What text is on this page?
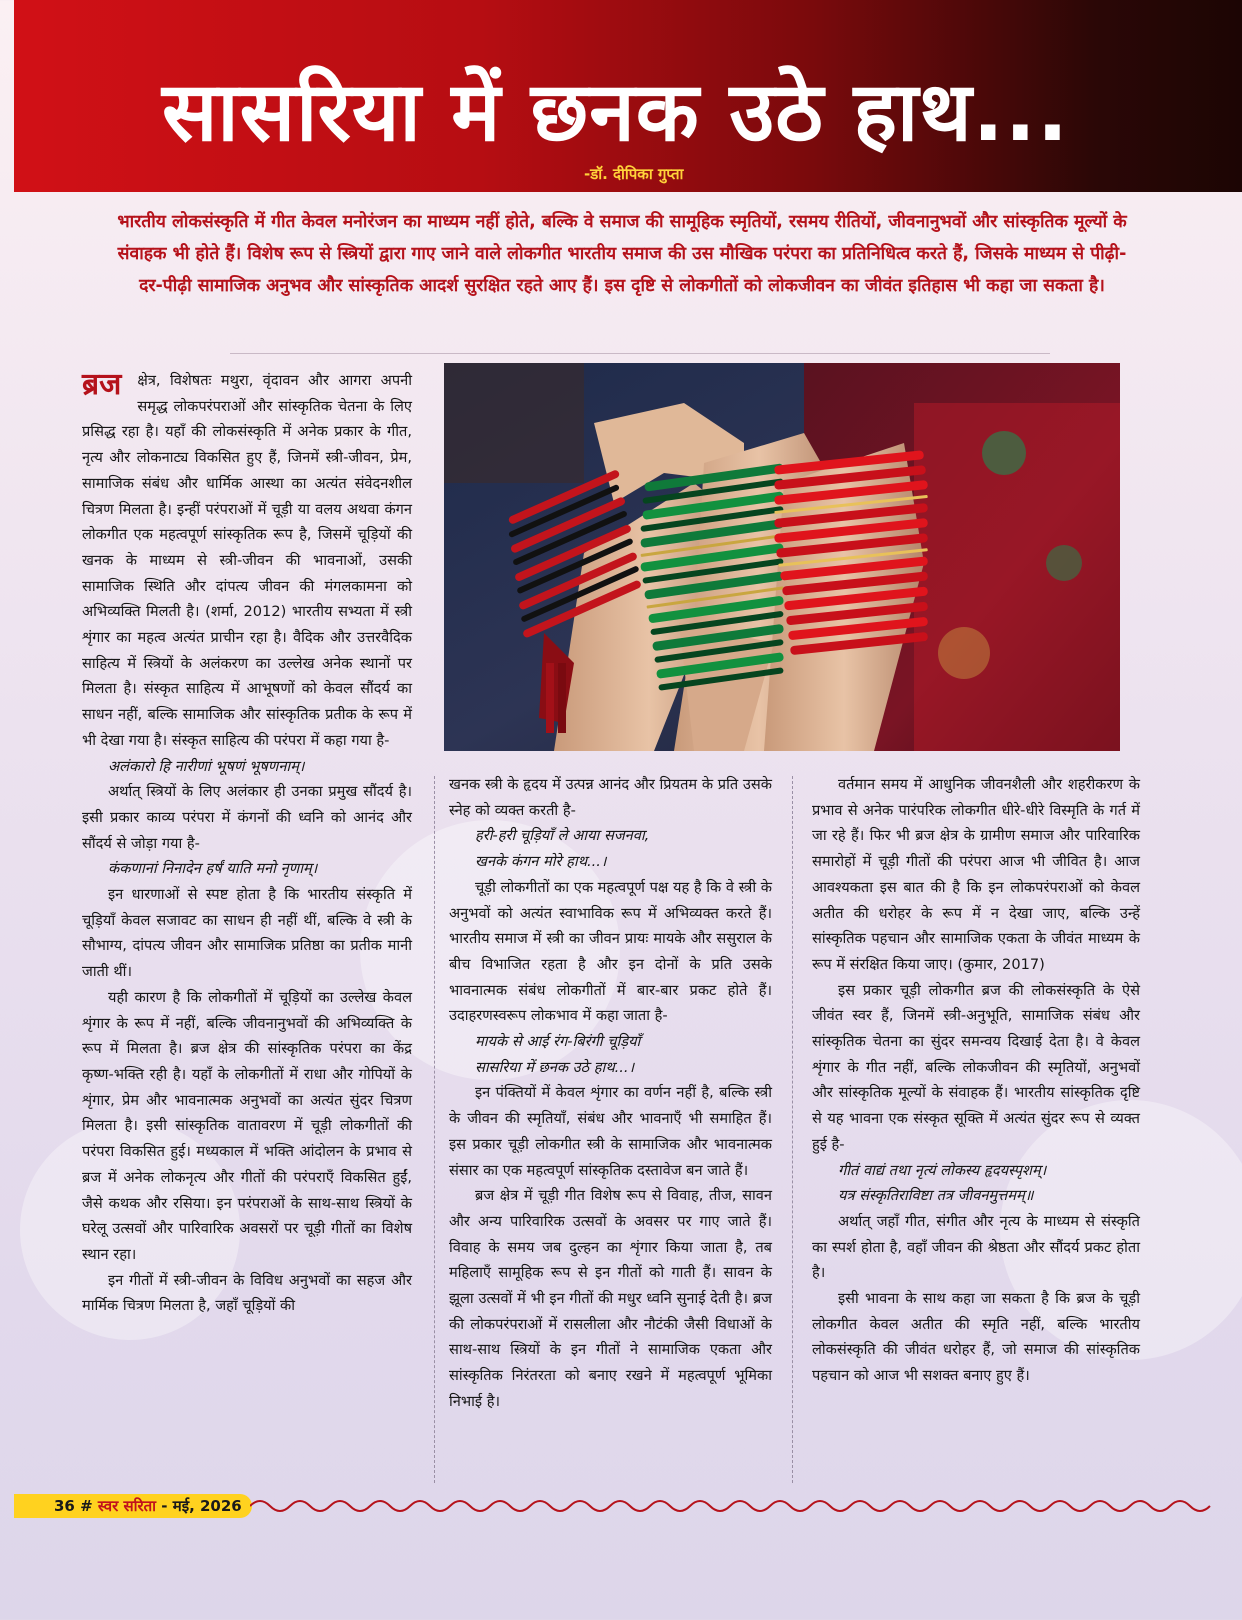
सासरिया में छनक उठे हाथ...
-डॉ. दीपिका गुप्ता
भारतीय लोकसंस्कृति में गीत केवल मनोरंजन का माध्यम नहीं होते, बल्कि वे समाज की सामूहिक स्मृतियों, रसमय रीतियों, जीवनानुभवों और सांस्कृतिक मूल्यों के संवाहक भी होते हैं। विशेष रूप से स्त्रियों द्वारा गाए जाने वाले लोकगीत भारतीय समाज की उस मौखिक परंपरा का प्रतिनिधित्व करते हैं, जिसके माध्यम से पीढ़ी-दर-पीढ़ी सामाजिक अनुभव और सांस्कृतिक आदर्श सुरक्षित रहते आए हैं। इस दृष्टि से लोकगीतों को लोकजीवन का जीवंत इतिहास भी कहा जा सकता है।
ब्रज	क्षेत्र, विशेषतः मथुरा, वृंदावन और आगरा अपनी समृद्ध लोकपरंपराओं और सांस्कृतिक चेतना के लिए प्रसिद्ध रहा है। यहाँ की लोकसंस्कृति में अनेक प्रकार के गीत, नृत्य और लोकनाट्य विकसित हुए हैं, जिनमें स्त्री-जीवन, प्रेम, सामाजिक संबंध और धार्मिक आस्था का अत्यंत संवेदनशील चित्रण मिलता है। इन्हीं परंपराओं में चूड़ी या वलय अथवा कंगन लोकगीत एक महत्वपूर्ण सांस्कृतिक रूप है, जिसमें चूड़ियों की खनक के माध्यम से स्त्री-जीवन की भावनाओं, उसकी सामाजिक स्थिति और दांपत्य जीवन की मंगलकामना को अभिव्यक्ति मिलती है। (शर्मा, 2012) भारतीय सभ्यता में स्त्री शृंगार का महत्व अत्यंत प्राचीन रहा है। वैदिक और उत्तरवैदिक साहित्य में स्त्रियों के अलंकरण का उल्लेख अनेक स्थानों पर मिलता है। संस्कृत साहित्य में आभूषणों को केवल सौंदर्य का साधन नहीं, बल्कि सामाजिक और सांस्कृतिक प्रतीक के रूप में भी देखा गया है। संस्कृत साहित्य की परंपरा में कहा गया है-

अलंकारो हि नारीणां भूषणं भूषणनाम्।

अर्थात् स्त्रियों के लिए अलंकार ही उनका प्रमुख सौंदर्य है। इसी प्रकार काव्य परंपरा में कंगनों की ध्वनि को आनंद और सौंदर्य से जोड़ा गया है-

कंकणानां निनादेन हर्षं याति मनो नृणाम्।

इन धारणाओं से स्पष्ट होता है कि भारतीय संस्कृति में चूड़ियाँ केवल सजावट का साधन ही नहीं थीं, बल्कि वे स्त्री के सौभाग्य, दांपत्य जीवन और सामाजिक प्रतिष्ठा का प्रतीक मानी जाती थीं।

यही कारण है कि लोकगीतों में चूड़ियों का उल्लेख केवल शृंगार के रूप में नहीं, बल्कि जीवनानुभवों की अभिव्यक्ति के रूप में मिलता है। ब्रज क्षेत्र की सांस्कृतिक परंपरा का केंद्र कृष्ण-भक्ति रही है। यहाँ के लोकगीतों में राधा और गोपियों के शृंगार, प्रेम और भावनात्मक अनुभवों का अत्यंत सुंदर चित्रण मिलता है। इसी सांस्कृतिक वातावरण में चूड़ी लोकगीतों की परंपरा विकसित हुई। मध्यकाल में भक्ति आंदोलन के प्रभाव से ब्रज में अनेक लोकनृत्य और गीतों की परंपराएँ विकसित हुईं, जैसे कथक और रसिया। इन परंपराओं के साथ-साथ स्त्रियों के घरेलू उत्सवों और पारिवारिक अवसरों पर चूड़ी गीतों का विशेष स्थान रहा।

इन गीतों में स्त्री-जीवन के विविध अनुभवों का सहज और मार्मिक चित्रण मिलता है, जहाँ चूड़ियों की

खनक स्त्री के हृदय में उत्पन्न आनंद और प्रियतम के प्रति उसके स्नेह को व्यक्त करती है-

हरी-हरी चूड़ियाँ ले आया सजनवा,

खनके कंगन मोरे हाथ...।

चूड़ी लोकगीतों का एक महत्वपूर्ण पक्ष यह है कि वे स्त्री के अनुभवों को अत्यंत स्वाभाविक रूप में अभिव्यक्त करते हैं। भारतीय समाज में स्त्री का जीवन प्रायः मायके और ससुराल के बीच विभाजित रहता है और इन दोनों के प्रति उसके भावनात्मक संबंध लोकगीतों में बार-बार प्रकट होते हैं। उदाहरणस्वरूप लोकभाव में कहा जाता है-

मायके से आई रंग-बिरंगी चूड़ियाँ

सासरिया में छनक उठे हाथ...।

इन पंक्तियों में केवल शृंगार का वर्णन नहीं है, बल्कि स्त्री के जीवन की स्मृतियाँ, संबंध और भावनाएँ भी समाहित हैं। इस प्रकार चूड़ी लोकगीत स्त्री के सामाजिक और भावनात्मक संसार का एक महत्वपूर्ण सांस्कृतिक दस्तावेज बन जाते हैं।

ब्रज क्षेत्र में चूड़ी गीत विशेष रूप से विवाह, तीज, सावन और अन्य पारिवारिक उत्सवों के अवसर पर गाए जाते हैं। विवाह के समय जब दुल्हन का शृंगार किया जाता है, तब महिलाएँ सामूहिक रूप से इन गीतों को गाती हैं। सावन के झूला उत्सवों में भी इन गीतों की मधुर ध्वनि सुनाई देती है। ब्रज की लोकपरंपराओं में रासलीला और नौटंकी जैसी विधाओं के साथ-साथ स्त्रियों के इन गीतों ने सामाजिक एकता और सांस्कृतिक निरंतरता को बनाए रखने में महत्वपूर्ण भूमिका निभाई है।

वर्तमान समय में आधुनिक जीवनशैली और शहरीकरण के प्रभाव से अनेक पारंपरिक लोकगीत धीरे-धीरे विस्मृति के गर्त में जा रहे हैं। फिर भी ब्रज क्षेत्र के ग्रामीण समाज और पारिवारिक समारोहों में चूड़ी गीतों की परंपरा आज भी जीवित है। आज आवश्यकता इस बात की है कि इन लोकपरंपराओं को केवल अतीत की धरोहर के रूप में न देखा जाए, बल्कि उन्हें सांस्कृतिक पहचान और सामाजिक एकता के जीवंत माध्यम के रूप में संरक्षित किया जाए। (कुमार, 2017)

इस प्रकार चूड़ी लोकगीत ब्रज की लोकसंस्कृति के ऐसे जीवंत स्वर हैं, जिनमें स्त्री-अनुभूति, सामाजिक संबंध और सांस्कृतिक चेतना का सुंदर समन्वय दिखाई देता है। वे केवल शृंगार के गीत नहीं, बल्कि लोकजीवन की स्मृतियों, अनुभवों और सांस्कृतिक मूल्यों के संवाहक हैं। भारतीय सांस्कृतिक दृष्टि से यह भावना एक संस्कृत सूक्ति में अत्यंत सुंदर रूप से व्यक्त हुई है-

गीतं वाद्यं तथा नृत्यं लोकस्य हृदयस्पृशम्।

यत्र संस्कृतिराविष्टा तत्र जीवनमुत्तमम्॥

अर्थात् जहाँ गीत, संगीत और नृत्य के माध्यम से संस्कृति का स्पर्श होता है, वहाँ जीवन की श्रेष्ठता और सौंदर्य प्रकट होता है।

इसी भावना के साथ कहा जा सकता है कि ब्रज के चूड़ी लोकगीत केवल अतीत की स्मृति नहीं, बल्कि भारतीय लोकसंस्कृति की जीवंत धरोहर हैं, जो समाज की सांस्कृतिक पहचान को आज भी सशक्त बनाए हुए हैं।

36 #
स्वर सरिता
- मई, 2026
